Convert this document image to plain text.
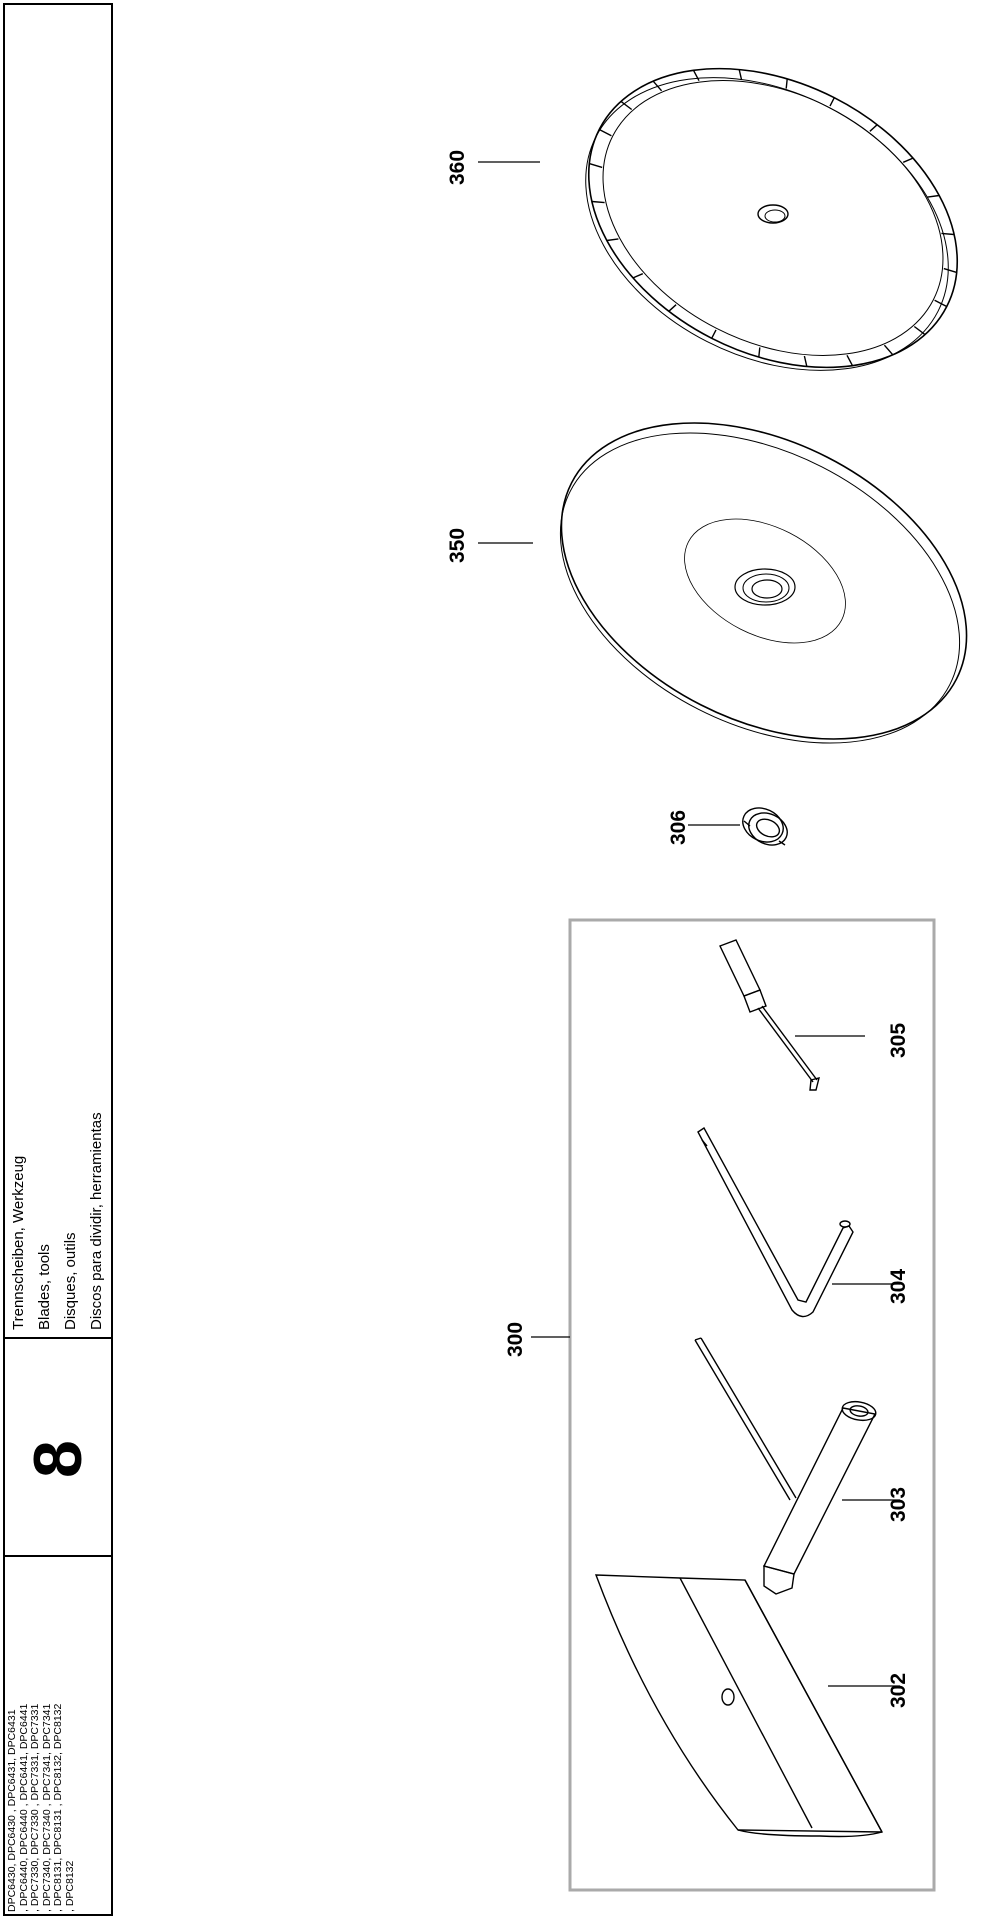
DPC6430, DPC6430 , DPC6431, DPC6431 , DPC6440, DPC6440 , DPC6441, DPC6441 , DPC7330, DPC7330 , DPC7331, DPC7331 , DPC7340, DPC7340 , DPC7341, DPC7341 , DPC8131, DPC8131 , DPC8132, DPC8132 , DPC8132
8
Trennscheiben, Werkzeug Blades, tools Disques, outils Discos para dividir, herramientas
360
350
306
305
304
303
302
300
